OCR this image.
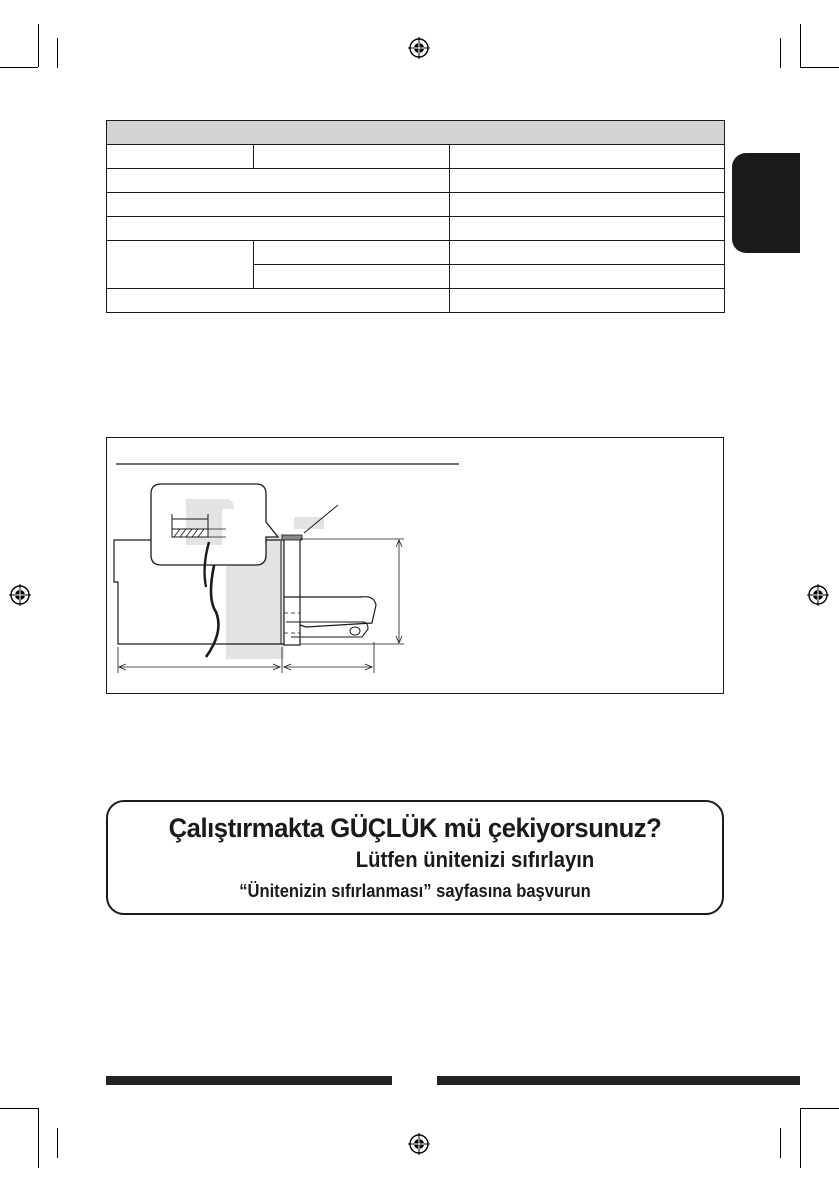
Çalıştırmakta GÜÇLÜK mü çekiyorsunuz?
Lütfen ünitenizi sıfırlayın
“Ünitenizin sıfırlanması” sayfasına başvurun
